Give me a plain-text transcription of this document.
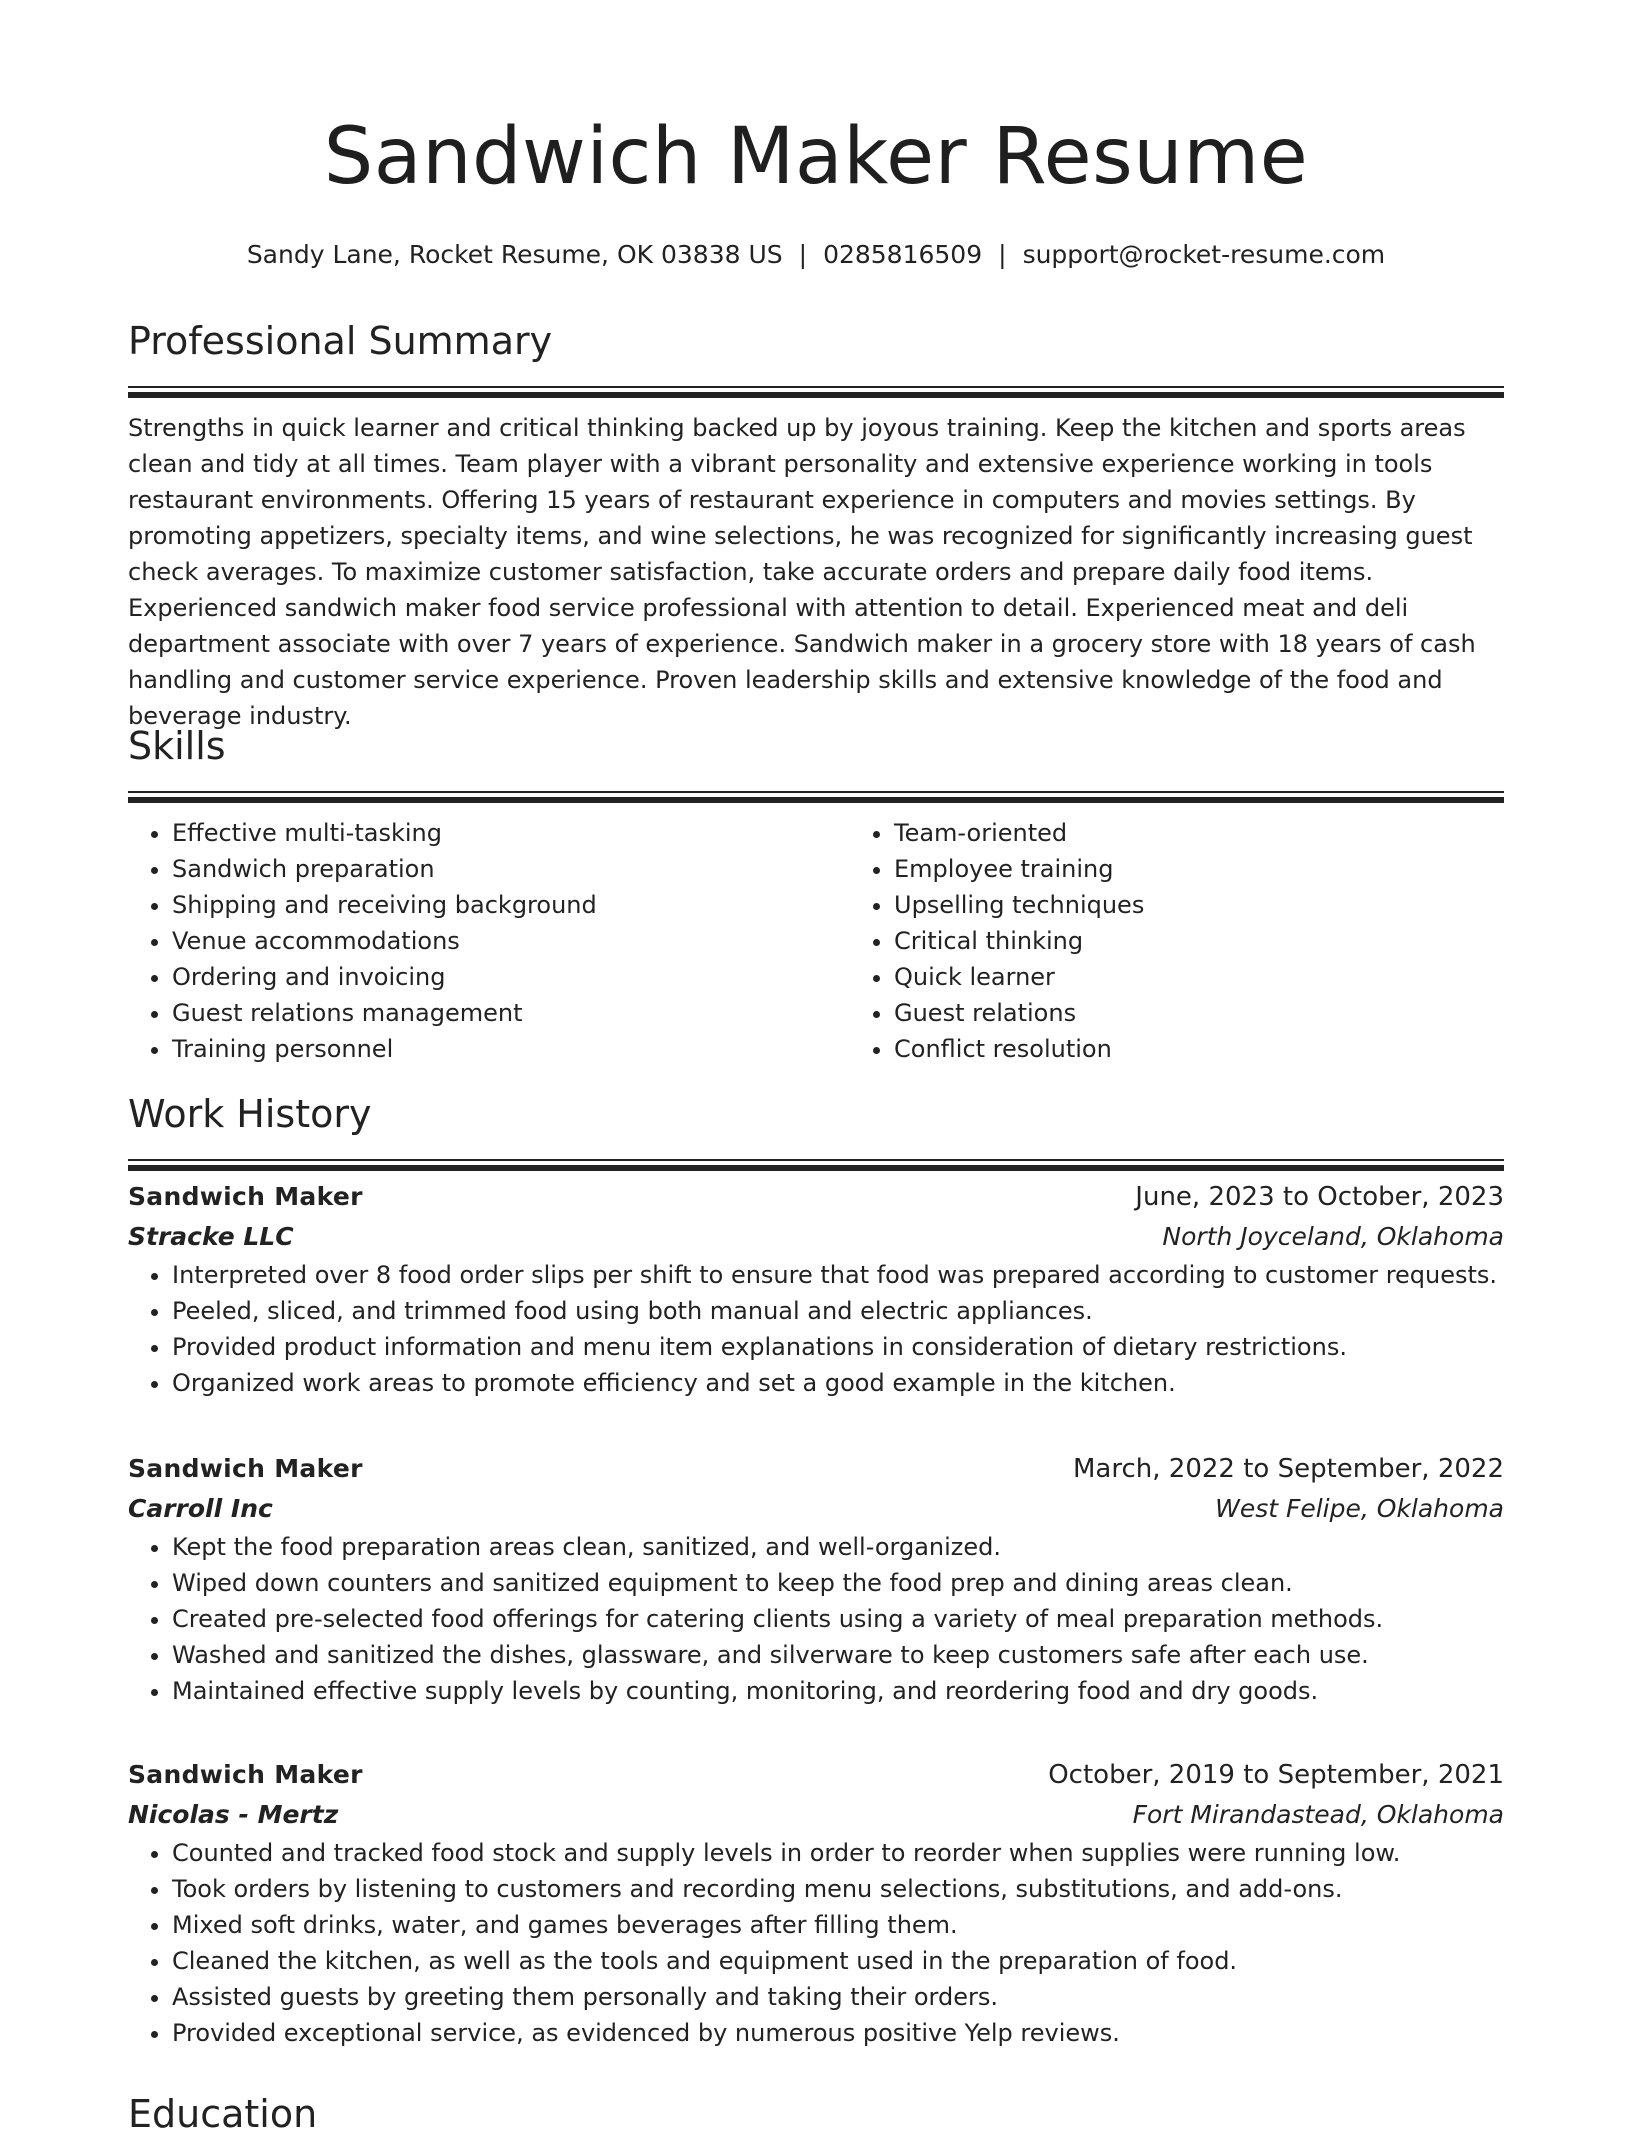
Sandwich Maker Resume
Sandy Lane, Rocket Resume, OK 03838 US | 0285816509 | support@rocket-resume.com
Professional Summary

Strengths in quick learner and critical thinking backed up by joyous training. Keep the kitchen and sports areas clean and tidy at all times. Team player with a vibrant personality and extensive experience working in tools restaurant environments. Offering 15 years of restaurant experience in computers and movies settings. By promoting appetizers, specialty items, and wine selections, he was recognized for significantly increasing guest check averages. To maximize customer satisfaction, take accurate orders and prepare daily food items. Experienced sandwich maker food service professional with attention to detail. Experienced meat and deli department associate with over 7 years of experience. Sandwich maker in a grocery store with 18 years of cash handling and customer service experience. Proven leadership skills and extensive knowledge of the food and beverage industry.

Skills
• Effective multi-tasking
• Sandwich preparation
• Shipping and receiving background
• Venue accommodations
• Ordering and invoicing
• Guest relations management
• Training personnel
• Team-oriented
• Employee training
• Upselling techniques
• Critical thinking
• Quick learner
• Guest relations
• Conflict resolution
Work History
Sandwich Maker	June, 2023 to October, 2023
Stracke LLC	North Joyceland, Oklahoma
• Interpreted over 8 food order slips per shift to ensure that food was prepared according to customer requests.
• Peeled, sliced, and trimmed food using both manual and electric appliances.
• Provided product information and menu item explanations in consideration of dietary restrictions.
• Organized work areas to promote efficiency and set a good example in the kitchen.
Sandwich Maker	March, 2022 to September, 2022
Carroll Inc	West Felipe, Oklahoma
• Kept the food preparation areas clean, sanitized, and well-organized.
• Wiped down counters and sanitized equipment to keep the food prep and dining areas clean.
• Created pre-selected food offerings for catering clients using a variety of meal preparation methods.
• Washed and sanitized the dishes, glassware, and silverware to keep customers safe after each use.
• Maintained effective supply levels by counting, monitoring, and reordering food and dry goods.
Sandwich Maker	October, 2019 to September, 2021
Nicolas - Mertz	Fort Mirandastead, Oklahoma
• Counted and tracked food stock and supply levels in order to reorder when supplies were running low.
• Took orders by listening to customers and recording menu selections, substitutions, and add-ons.
• Mixed soft drinks, water, and games beverages after filling them.
• Cleaned the kitchen, as well as the tools and equipment used in the preparation of food.
• Assisted guests by greeting them personally and taking their orders.
• Provided exceptional service, as evidenced by numerous positive Yelp reviews.
Education
